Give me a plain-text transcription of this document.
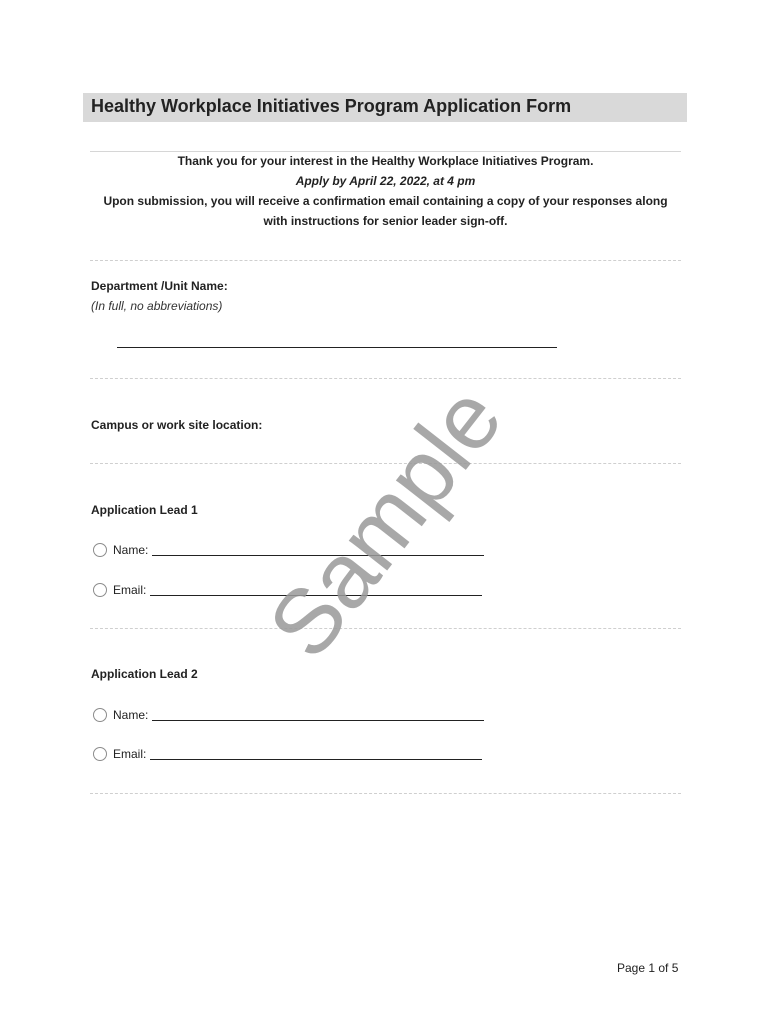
Healthy Workplace Initiatives Program Application Form
Thank you for your interest in the Healthy Workplace Initiatives Program.
Apply by April 22, 2022, at 4 pm
Upon submission, you will receive a confirmation email containing a copy of your responses along
with instructions for senior leader sign-off.
Department /Unit Name:
(In full, no abbreviations)
Campus or work site location:
Application Lead 1
Name:
Email:
Application Lead 2
Name:
Email:
Sample
Page 1 of 5
